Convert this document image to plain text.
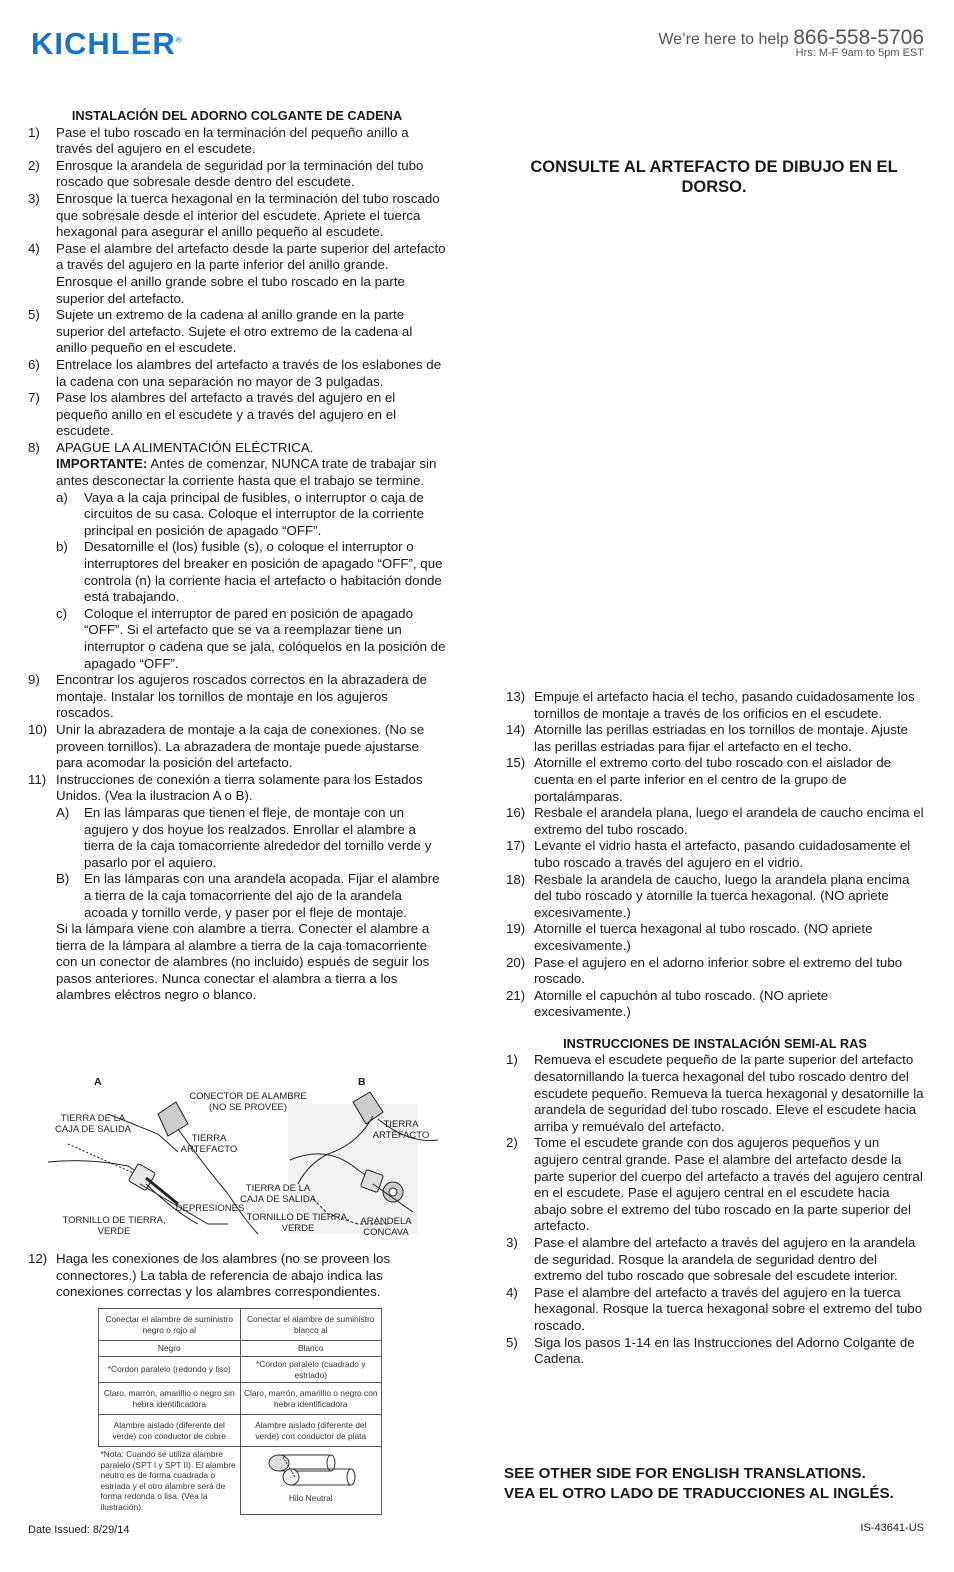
KICHLER®	We’re here to help 866-558-5706
Hrs: M-F 9am to 5pm EST
INSTALACIÓN DEL ADORNO COLGANTE DE CADENA
1) Pase el tubo roscado en la terminación del pequeño anillo a través del agujero en el escudete.
2) Enrosque la arandela de seguridad por la terminación del tubo roscado que sobresale desde dentro del escudete.
3) Enrosque la tuerca hexagonal en la terminación del tubo roscado que sobresale desde el interior del escudete. Apriete el tuerca hexagonal para asegurar el anillo pequeño al escudete.
4) Pase el alambre del artefacto desde la parte superior del artefacto a través del agujero en la parte inferior del anillo grande. Enrosque el anillo grande sobre el tubo roscado en la parte superior del artefacto.
5) Sujete un extremo de la cadena al anillo grande en la parte superior del artefacto. Sujete el otro extremo de la cadena al anillo pequeño en el escudete.
6) Entrelace los alambres del artefacto a través de los eslabones de la cadena con una separación no mayor de 3 pulgadas.
7) Pase los alambres del artefacto a través del agujero en el pequeño anillo en el escudete y a través del agujero en el escudete.
8) APAGUE LA ALIMENTACIÓN ELÉCTRICA.
IMPORTANTE: Antes de comenzar, NUNCA trate de trabajar sin antes desconectar la corriente hasta que el trabajo se termine.
a) Vaya a la caja principal de fusibles, o interruptor o caja de circuitos de su casa. Coloque el interruptor de la corriente principal en posición de apagado “OFF”.
b) Desatornille el (los) fusible (s), o coloque el interruptor o interruptores del breaker en posición de apagado “OFF”, que controla (n) la corriente hacia el artefacto o habitación donde está trabajando.
c) Coloque el interruptor de pared en posición de apagado “OFF”. Si el artefacto que se va a reemplazar tiene un interruptor o cadena que se jala, colóquelos en la posición de apagado “OFF”.
9) Encontrar los agujeros roscados correctos en la abrazadera de montaje. Instalar los tornillos de montaje en los agujeros roscados.
10) Unir la abrazadera de montaje a la caja de conexiones. (No se proveen tornillos). La abrazadera de montaje puede ajustarse para acomodar la posición del artefacto.
11) Instrucciones de conexión a tierra solamente para los Estados Unidos. (Vea la ilustracion A o B).
A) En las lámparas que tienen el fleje, de montaje con un agujero y dos hoyue los realzados. Enrollar el alambre a tierra de la caja tomacorriente alrededor del tornillo verde y pasarlo por el aquiero.
B) En las lámparas con una arandela acopada. Fijar el alambre a tierra de la caja tomacorriente del ajo de la arandela acoada y tornillo verde, y paser por el fleje de montaje.
Si la lámpara viene con alambre a tierra. Conecter el alambre a tierra de la lámpara al alambre a tierra de la caja tomacorriente con un conector de alambres (no incluido) espués de seguir los pasos anteriores. Nunca conectar el alambra a tierra a los alambres eléctros negro o blanco.
A	B
CONECTOR DE ALAMBRE
(NO SE PROVEE)
TIERRA DE LA
CAJA DE SALIDA
TIERRA
ARTEFACTO
DEPRESIONES
TORNILLO DE TIERRA,
VERDE
TIERRA
ARTEFACTO
TIERRA DE LA
CAJA DE SALIDA
TORNILLO DE TIERRA,
VERDE
ARANDELA
CONCAVA
12) Haga les conexiones de los alambres (no se proveen los connectores.) La tabla de referencia de abajo indica las conexiones correctas y los alambres correspondientes.
Conectar el alambre de suministro negro o rojo al	Conectar el alambre de suministro blanco al
Negro	Blanco
*Cordon paralelo (redondo y liso)	*Cordon paralelo (cuadrado y estriado)
Claro, marrón, amarillio o negro sin hebra identificadora	Claro, marrón, amarillio o negro con hebra identificadora
Alambre aislado (diferente del verde) con conductor de cobre	Alambre aislado (diferente del verde) con conductor de plata
*Nota: Cuando se utiliza alambre paralelo (SPT I y SPT II). El alambre neutro es de forma cuadrada o estriada y el otro alambre será de forma redonda o lisa. (Vea la ilustración).	Hilo Neutral
CONSULTE AL ARTEFACTO DE DIBUJO EN EL DORSO.
13) Empuje el artefacto hacia el techo, pasando cuidadosamente los tornillos de montaje a través de los orificios en el escudete.
14) Atornille las perillas estriadas en los tornillos de montaje. Ajuste las perillas estriadas para fijar el artefacto en el techo.
15) Atornille el extremo corto del tubo roscado con el aislador de cuenta en el parte inferior en el centro de la grupo de portalámparas.
16) Resbale el arandela plana, luego el arandela de caucho encima el extremo del tubo roscado.
17) Levante el vidrio hasta el artefacto, pasando cuidadosamente el tubo roscado a través del agujero en el vidrio.
18) Resbale la arandela de caucho, luego la arandela plana encima del tubo roscado y atornille la tuerca hexagonal. (NO apriete excesivamente.)
19) Atornille el tuerca hexagonal al tubo roscado. (NO apriete excesivamente.)
20) Pase el agujero en el adorno inferior sobre el extremo del tubo roscado.
21) Atornille el capuchón al tubo roscado. (NO apriete excesivamente.)
INSTRUCCIONES DE INSTALACIÓN SEMI-AL RAS
1) Remueva el escudete pequeño de la parte superior del artefacto desatornillando la tuerca hexagonal del tubo roscado dentro del escudete pequeño. Remueva la tuerca hexagonal y desatornille la arandela de seguridad del tubo roscado. Eleve el escudete hacia arriba y remuévalo del artefacto.
2) Tome el escudete grande con dos agujeros pequeños y un agujero central grande. Pase el alambre del artefacto desde la parte superior del cuerpo del artefacto a través del agujero central en el escudete. Pase el agujero central en el escudete hacia abajo sobre el extremo del tubo roscado en la parte superior del artefacto.
3) Pase el alambre del artefacto a través del agujero en la arandela de seguridad. Rosque la arandela de seguridad dentro del extremo del tubo roscado que sobresale del escudete interior.
4) Pase el alambre del artefacto a través del agujero en la tuerca hexagonal. Rosque la tuerca hexagonal sobre el extremo del tubo roscado.
5) Siga los pasos 1-14 en las Instrucciones del Adorno Colgante de Cadena.
SEE OTHER SIDE FOR ENGLISH TRANSLATIONS.
VEA EL OTRO LADO DE TRADUCCIONES AL INGLÉS.
Date Issued: 8/29/14	IS-43641-US
